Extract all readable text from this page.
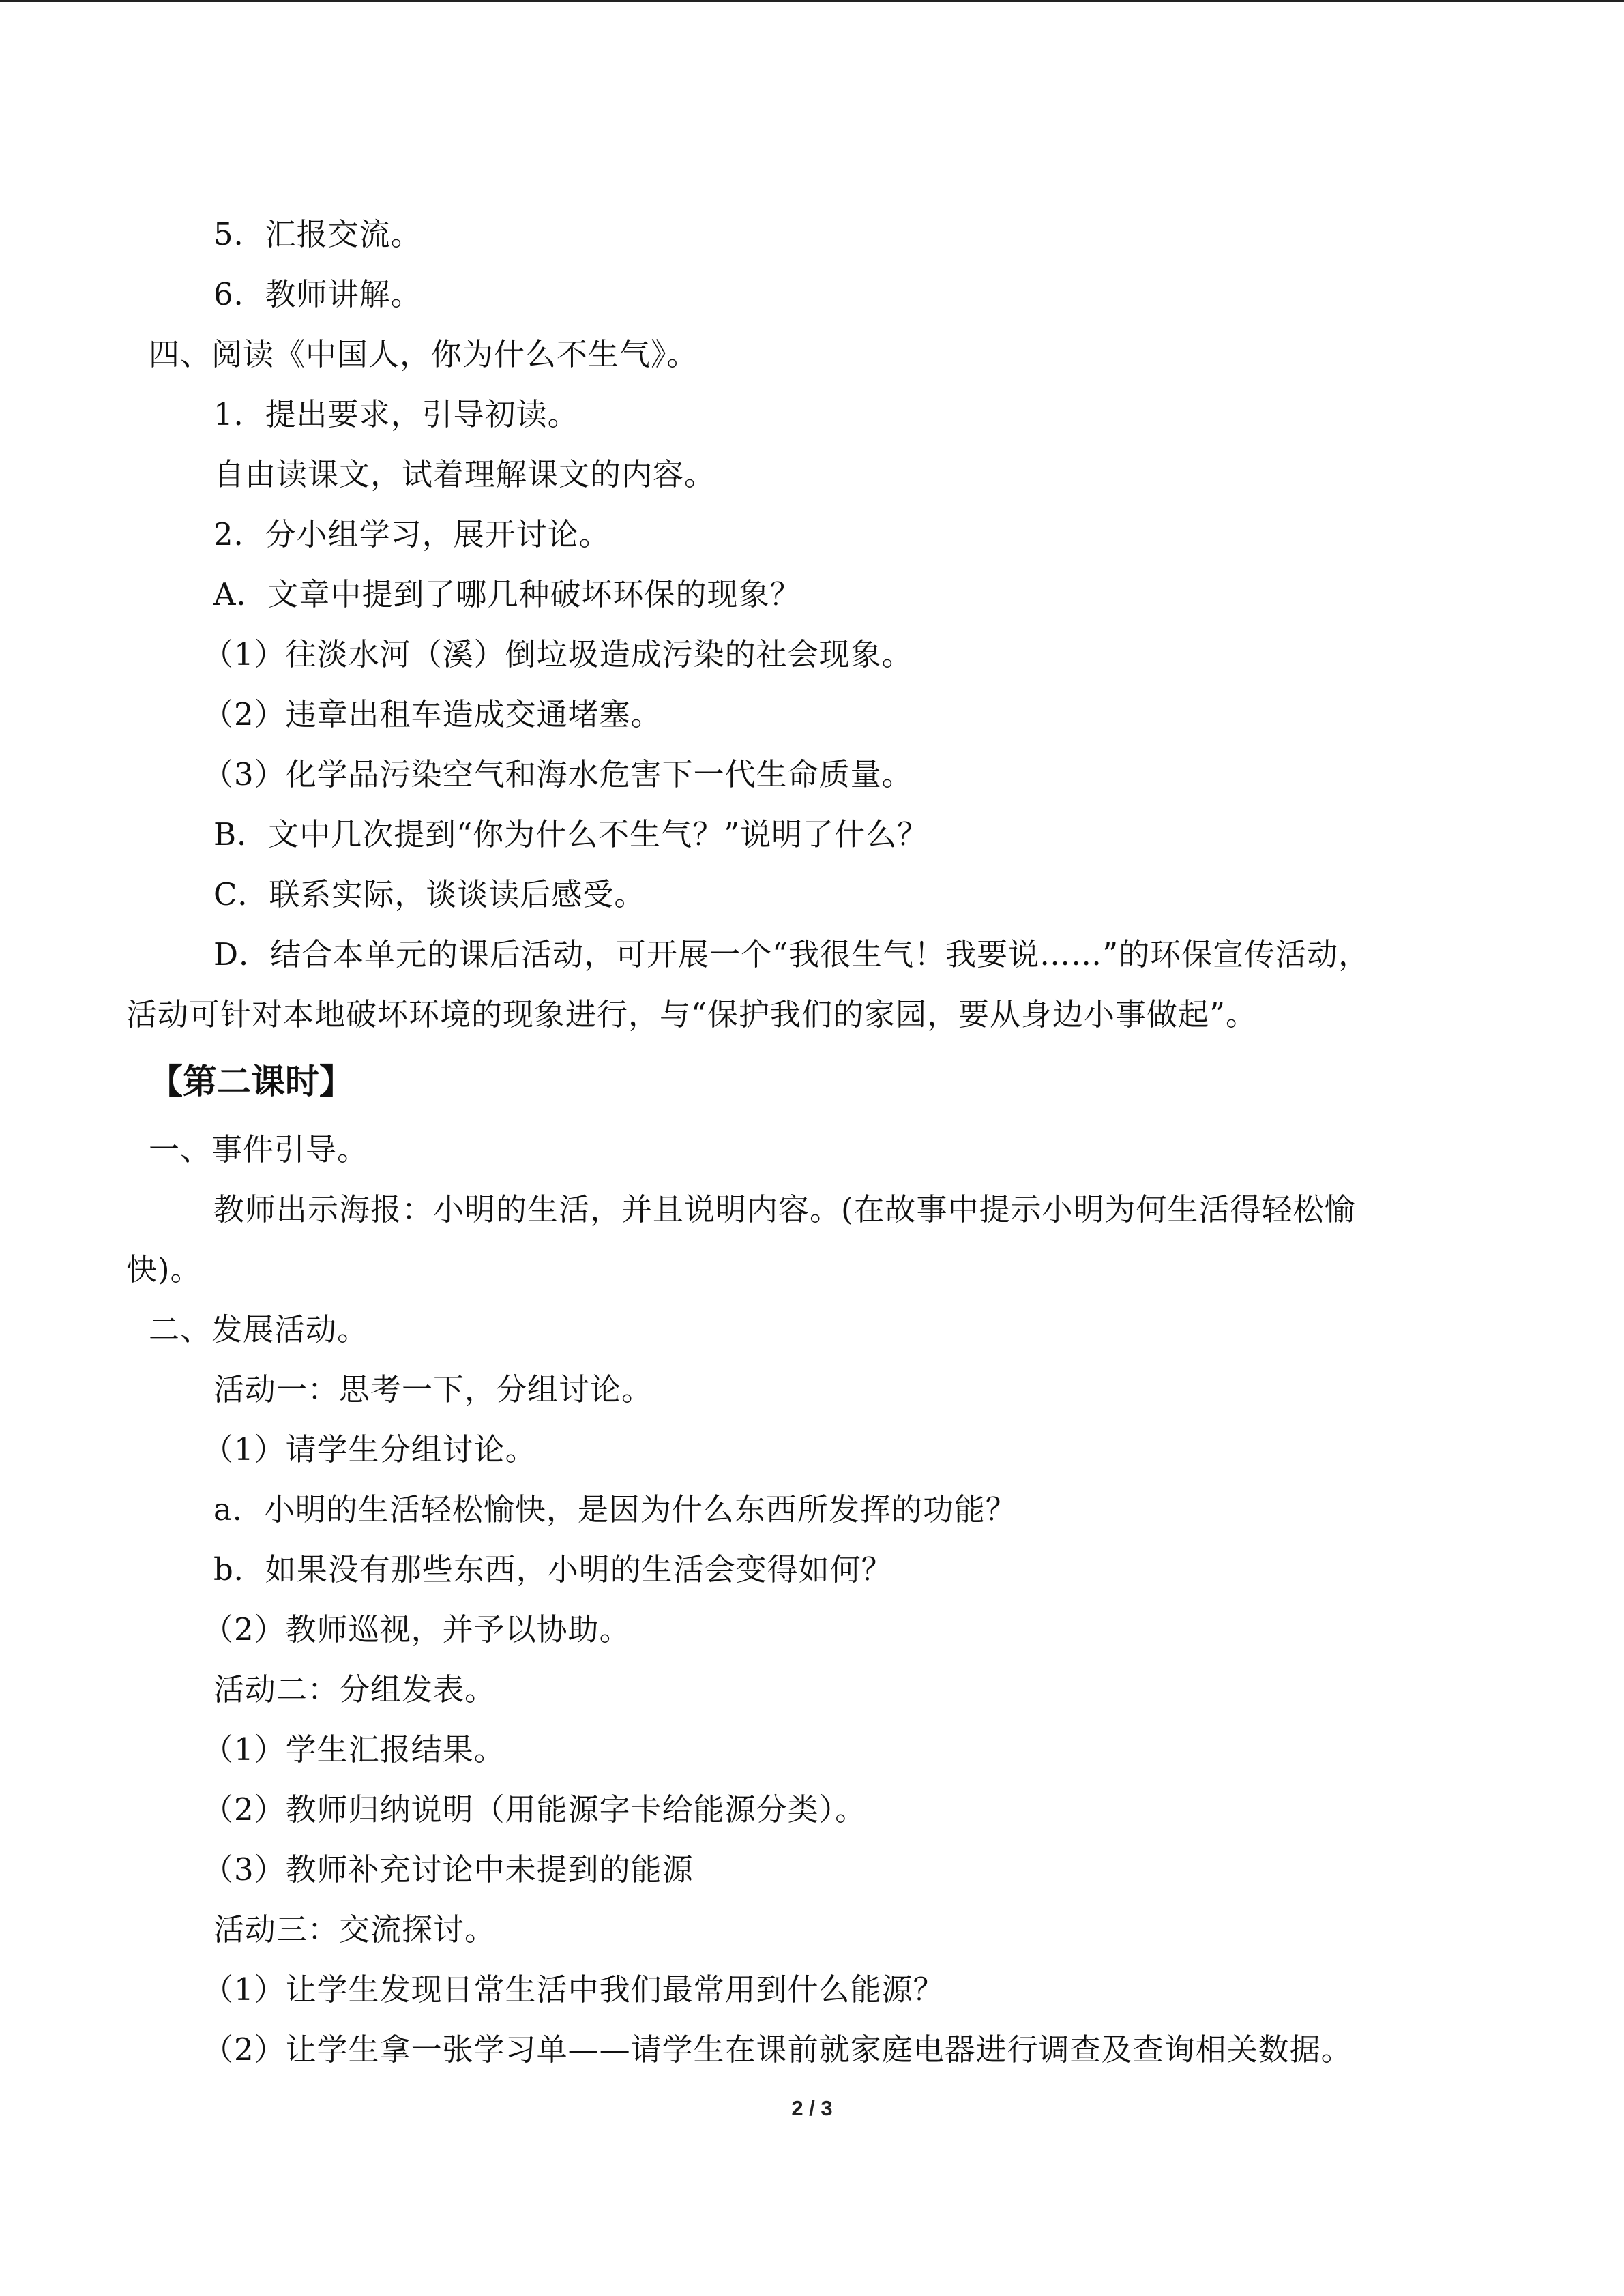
5．汇报交流。
6．教师讲解。
四、阅读《中国人，你为什么不生气》。
1．提出要求，引导初读。
自由读课文，试着理解课文的内容。
2．分小组学习，展开讨论。
A．文章中提到了哪几种破坏环保的现象？
（1）往淡水河（溪）倒垃圾造成污染的社会现象。
（2）违章出租车造成交通堵塞。
（3）化学品污染空气和海水危害下一代生命质量。
B．文中几次提到“你为什么不生气？”说明了什么？
C．联系实际，谈谈读后感受。
D．结合本单元的课后活动，可开展一个“我很生气！我要说……”的环保宣传活动，
活动可针对本地破坏环境的现象进行，与“保护我们的家园，要从身边小事做起”。
【第二课时】
一、事件引导。
教师出示海报：小明的生活，并且说明内容。(在故事中提示小明为何生活得轻松愉
快)。
二、发展活动。
活动一：思考一下，分组讨论。
（1）请学生分组讨论。
a．小明的生活轻松愉快，是因为什么东西所发挥的功能？
b．如果没有那些东西，小明的生活会变得如何？
（2）教师巡视，并予以协助。
活动二：分组发表。
（1）学生汇报结果。
（2）教师归纳说明（用能源字卡给能源分类）。
（3）教师补充讨论中未提到的能源
活动三：交流探讨。
（1）让学生发现日常生活中我们最常用到什么能源？
（2）让学生拿一张学习单——请学生在课前就家庭电器进行调查及查询相关数据。
2 / 3
